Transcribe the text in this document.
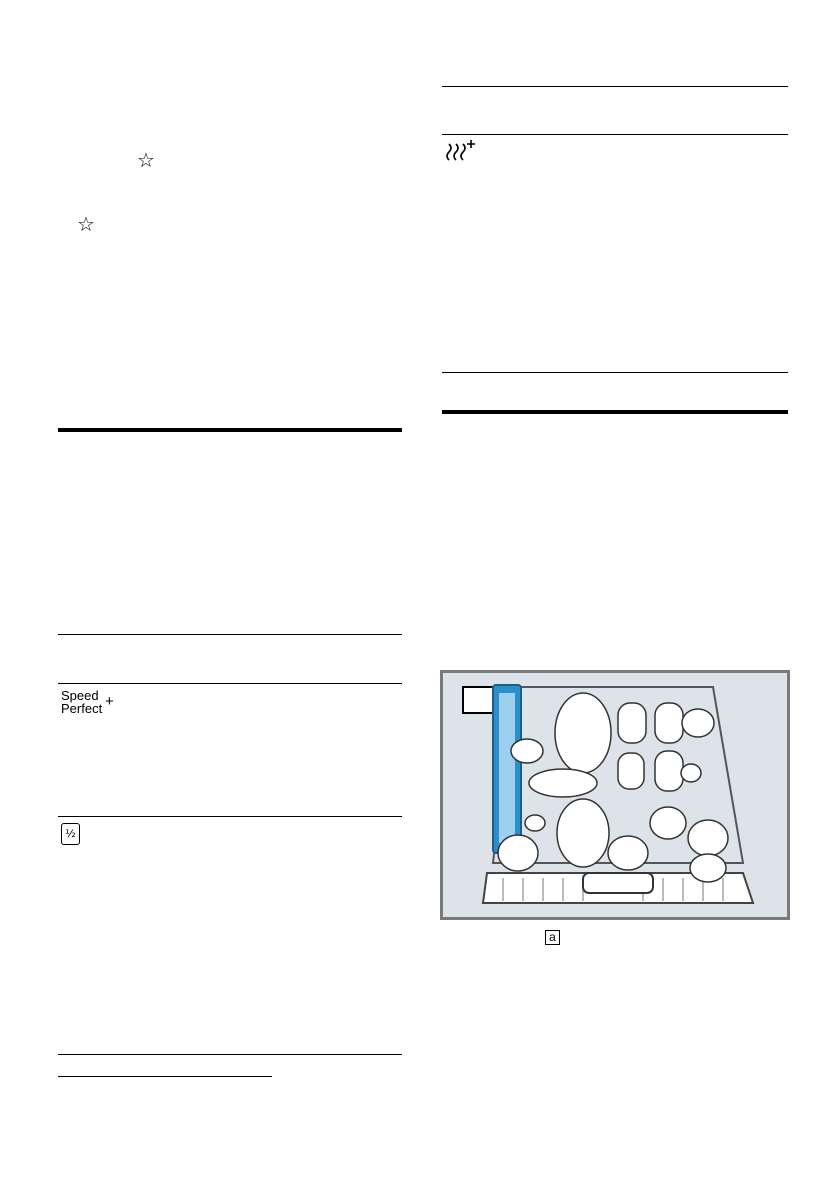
☆
☆
Speed
Perfect +
½
a
